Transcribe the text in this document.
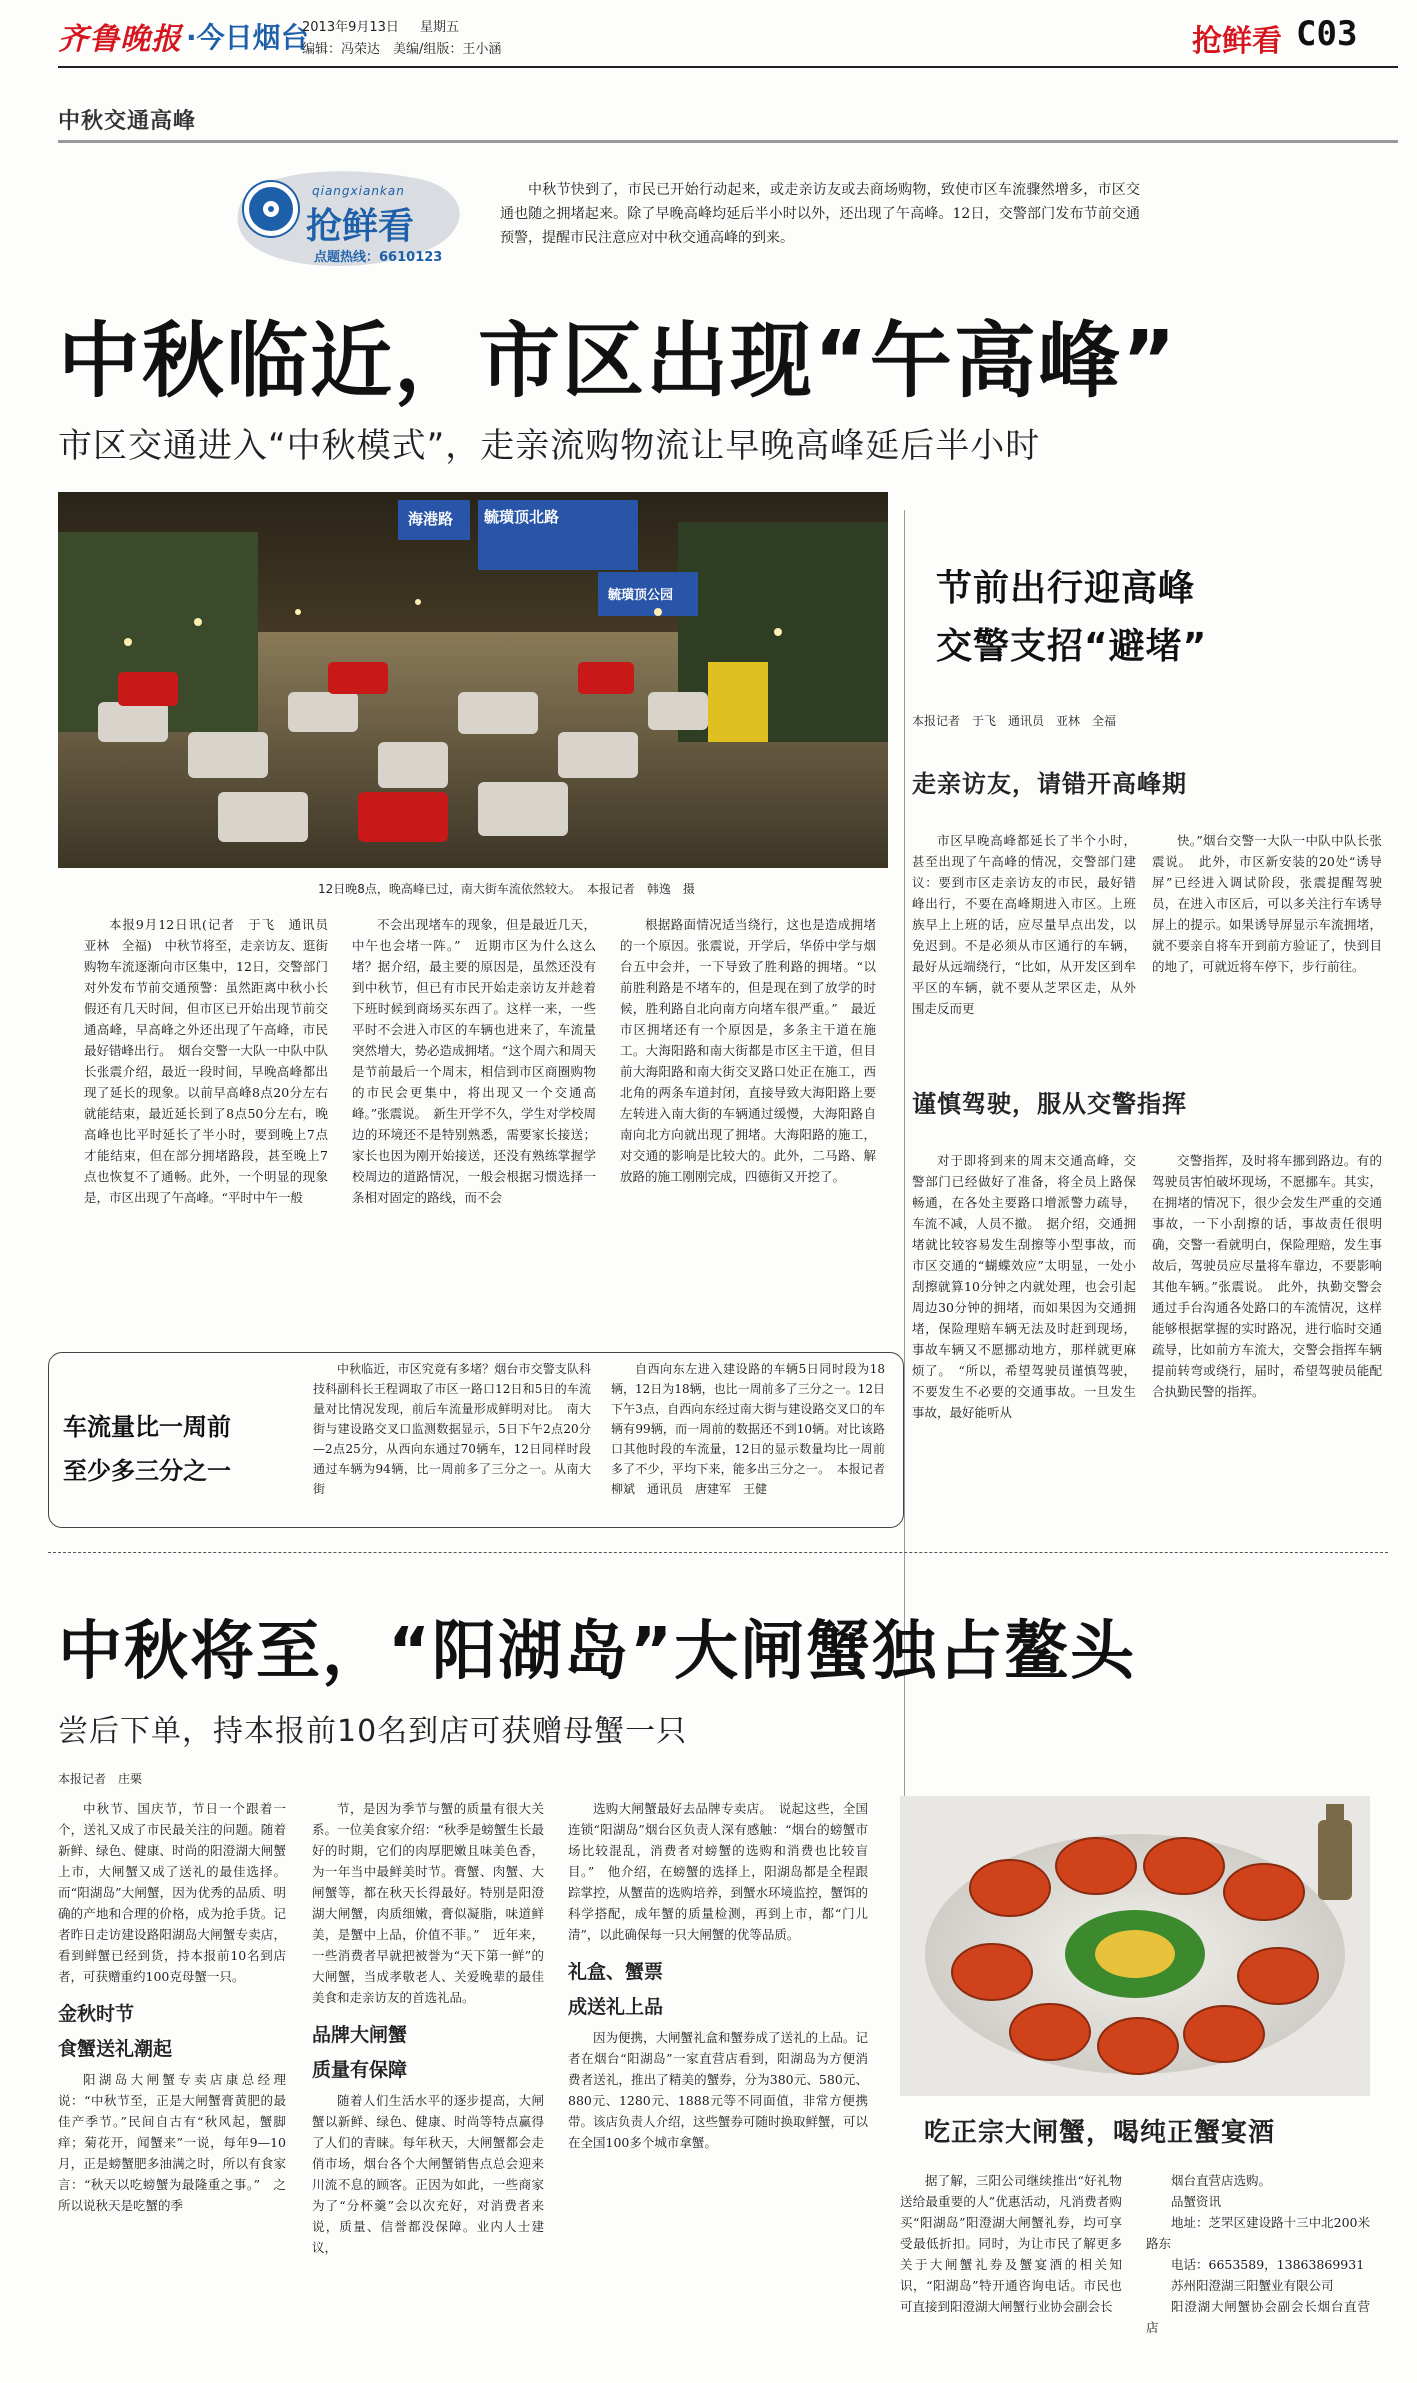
齐鲁晚报 ·今日烟台
2013年9月13日 星期五
编辑：冯荣达　美编/组版：王小涵	抢鲜看 C03
中秋交通高峰
qiangxiankan
抢鲜看
点题热线：6610123

中秋节快到了，市民已开始行动起来，或走亲访友或去商场购物，致使市区车流骤然增多，市区交通也随之拥堵起来。除了早晚高峰均延后半小时以外，还出现了午高峰。12日，交警部门发布节前交通预警，提醒市民注意应对中秋交通高峰的到来。

中秋临近，市区出现“午高峰”
市区交通进入“中秋模式”，走亲流购物流让早晚高峰延后半小时
毓璜顶北路
海港路
毓璜顶公园
12日晚8点，晚高峰已过，南大街车流依然较大。　本报记者　韩逸　摄

本报9月12日讯(记者　于飞　通讯员　亚林　全福)　中秋节将至，走亲访友、逛街购物车流逐渐向市区集中，12日，交警部门对外发布节前交通预警：虽然距离中秋小长假还有几天时间，但市区已开始出现节前交通高峰，早高峰之外还出现了午高峰，市民最好错峰出行。　烟台交警一大队一中队中队长张震介绍，最近一段时间，早晚高峰都出现了延长的现象。以前早高峰8点20分左右就能结束，最近延长到了8点50分左右，晚高峰也比平时延长了半小时，要到晚上7点才能结束，但在部分拥堵路段，甚至晚上7点也恢复不了通畅。此外，一个明显的现象是，市区出现了午高峰。“平时中午一般

不会出现堵车的现象，但是最近几天，中午也会堵一阵。”　近期市区为什么这么堵？据介绍，最主要的原因是，虽然还没有到中秋节，但已有市民开始走亲访友并趁着下班时候到商场买东西了。这样一来，一些平时不会进入市区的车辆也进来了，车流量突然增大，势必造成拥堵。“这个周六和周天是节前最后一个周末，相信到市区商圈购物的市民会更集中，将出现又一个交通高峰。”张震说。　新生开学不久，学生对学校周边的环境还不是特别熟悉，需要家长接送；家长也因为刚开始接送，还没有熟练掌握学校周边的道路情况，一般会根据习惯选择一条相对固定的路线，而不会

根据路面情况适当绕行，这也是造成拥堵的一个原因。张震说，开学后，华侨中学与烟台五中会并，一下导致了胜利路的拥堵。“以前胜利路是不堵车的，但是现在到了放学的时候，胜利路自北向南方向堵车很严重。”　最近市区拥堵还有一个原因是，多条主干道在施工。大海阳路和南大街都是市区主干道，但目前大海阳路和南大街交叉路口处正在施工，西北角的两条车道封闭，直接导致大海阳路上要左转进入南大街的车辆通过缓慢，大海阳路自南向北方向就出现了拥堵。大海阳路的施工，对交通的影响是比较大的。此外，二马路、解放路的施工刚刚完成，四德街又开挖了。

车流量比一周前
至少多三分之一

中秋临近，市区究竟有多堵？烟台市交警支队科技科副科长王程调取了市区一路口12日和5日的车流量对比情况发现，前后车流量形成鲜明对比。　南大街与建设路交叉口监测数据显示，5日下午2点20分—2点25分，从西向东通过70辆车，12日同样时段通过车辆为94辆，比一周前多了三分之一。从南大街

自西向东左进入建设路的车辆5日同时段为18辆，12日为18辆，也比一周前多了三分之一。12日下午3点，自西向东经过南大街与建设路交叉口的车辆有99辆，而一周前的数据还不到10辆。对比该路口其他时段的车流量，12日的显示数量均比一周前多了不少，平均下来，能多出三分之一。　本报记者　柳斌　通讯员　唐建军　王健

节前出行迎高峰
交警支招“避堵”
本报记者　于飞　通讯员　亚林　全福
走亲访友，请错开高峰期

市区早晚高峰都延长了半个小时，甚至出现了午高峰的情况，交警部门建议：要到市区走亲访友的市民，最好错峰出行，不要在高峰期进入市区。上班族早上上班的话，应尽量早点出发，以免迟到。不是必须从市区通行的车辆，最好从远端绕行，“比如，从开发区到牟平区的车辆，就不要从芝罘区走，从外围走反而更

快。”烟台交警一大队一中队中队长张震说。　此外，市区新安装的20处“诱导屏”已经进入调试阶段，张震提醒驾驶员，在进入市区后，可以多关注行车诱导屏上的提示。如果诱导屏显示车流拥堵，就不要亲自将车开到前方验证了，快到目的地了，可就近将车停下，步行前往。

谨慎驾驶，服从交警指挥

对于即将到来的周末交通高峰，交警部门已经做好了准备，将全员上路保畅通，在各处主要路口增派警力疏导，车流不减，人员不撤。　据介绍，交通拥堵就比较容易发生刮擦等小型事故，而市区交通的“蝴蝶效应”太明显，一处小刮擦就算10分钟之内就处理，也会引起周边30分钟的拥堵，而如果因为交通拥堵，保险理赔车辆无法及时赶到现场，事故车辆又不愿挪动地方，那样就更麻烦了。　“所以，希望驾驶员谨慎驾驶，不要发生不必要的交通事故。一旦发生事故，最好能听从

交警指挥，及时将车挪到路边。有的驾驶员害怕破坏现场，不愿挪车。其实，在拥堵的情况下，很少会发生严重的交通事故，一下小刮擦的话，事故责任很明确，交警一看就明白，保险理赔，发生事故后，驾驶员应尽量将车靠边，不要影响其他车辆。”张震说。　此外，执勤交警会通过手台沟通各处路口的车流情况，这样能够根据掌握的实时路况，进行临时交通疏导，比如前方车流大，交警会指挥车辆提前转弯或绕行，届时，希望驾驶员能配合执勤民警的指挥。

中秋将至，“阳湖岛”大闸蟹独占鳌头
尝后下单，持本报前10名到店可获赠母蟹一只
本报记者　庄栗

中秋节、国庆节，节日一个跟着一个，送礼又成了市民最关注的问题。随着新鲜、绿色、健康、时尚的阳澄湖大闸蟹上市，大闸蟹又成了送礼的最佳选择。而“阳湖岛”大闸蟹，因为优秀的品质、明确的产地和合理的价格，成为抢手货。记者昨日走访建设路阳湖岛大闸蟹专卖店，看到鲜蟹已经到货，持本报前10名到店者，可获赠重约100克母蟹一只。

金秋时节
食蟹送礼潮起

阳湖岛大闸蟹专卖店康总经理说：“中秋节至，正是大闸蟹膏黄肥的最佳产季节。”民间自古有“秋风起，蟹脚痒；菊花开，闻蟹来”一说，每年9—10月，正是螃蟹肥多油满之时，所以有食家言：“秋天以吃螃蟹为最隆重之事。”　之所以说秋天是吃蟹的季

节，是因为季节与蟹的质量有很大关系。一位美食家介绍：“秋季是螃蟹生长最好的时期，它们的肉厚肥嫩且味美色香，为一年当中最鲜美时节。膏蟹、肉蟹、大闸蟹等，都在秋天长得最好。特别是阳澄湖大闸蟹，肉质细嫩，膏似凝脂，味道鲜美，是蟹中上品，价值不菲。”　近年来，一些消费者早就把被誉为“天下第一鲜”的大闸蟹，当成孝敬老人、关爱晚辈的最佳美食和走亲访友的首选礼品。

品牌大闸蟹
质量有保障

随着人们生活水平的逐步提高，大闸蟹以新鲜、绿色、健康、时尚等特点赢得了人们的青睐。每年秋天，大闸蟹都会走俏市场，烟台各个大闸蟹销售点总会迎来川流不息的顾客。正因为如此，一些商家为了“分杯羹”会以次充好，对消费者来说，质量、信誉都没保障。业内人士建议，

选购大闸蟹最好去品牌专卖店。　说起这些，全国连锁“阳湖岛”烟台区负责人深有感触：“烟台的螃蟹市场比较混乱，消费者对螃蟹的选购和消费也比较盲目。”　他介绍，在螃蟹的选择上，阳湖岛都是全程跟踪掌控，从蟹苗的选购培养，到蟹水环境监控，蟹饵的科学搭配，成年蟹的质量检测，再到上市，都“门儿清”，以此确保每一只大闸蟹的优等品质。

礼盒、蟹票
成送礼上品

因为便携，大闸蟹礼盒和蟹券成了送礼的上品。记者在烟台“阳湖岛”一家直营店看到，阳湖岛为方便消费者送礼，推出了精美的蟹券，分为380元、580元、880元、1280元、1888元等不同面值，非常方便携带。该店负责人介绍，这些蟹券可随时换取鲜蟹，可以在全国100多个城市拿蟹。	吃正宗大闸蟹，喝纯正蟹宴酒

据了解，三阳公司继续推出“好礼物送给最重要的人”优惠活动，凡消费者购买“阳湖岛”阳澄湖大闸蟹礼券，均可享受最低折扣。同时，为让市民了解更多关于大闸蟹礼券及蟹宴酒的相关知识，“阳湖岛”特开通咨询电话。市民也可直接到阳澄湖大闸蟹行业协会副会长

烟台直营店选购。
品蟹资讯
地址：芝罘区建设路十三中北200米路东
电话：6653589，13863869931
苏州阳澄湖三阳蟹业有限公司
阳澄湖大闸蟹协会副会长烟台直营店
